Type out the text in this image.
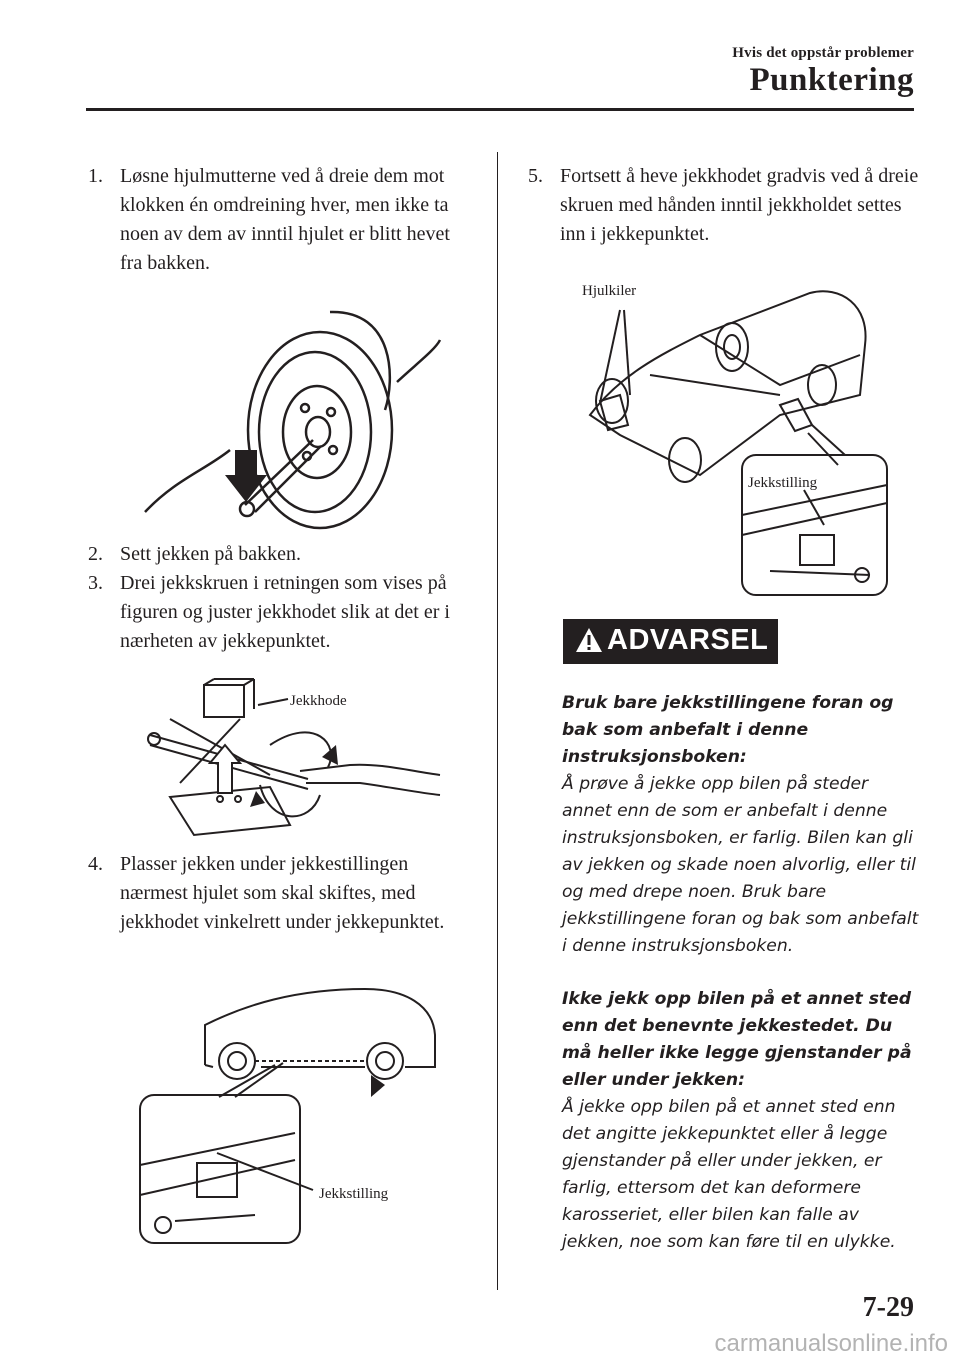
Hvis det oppstår problemer
Punktering
1. Løsne hjulmutterne ved å dreie dem mot klokken én omdreining hver, men ikke ta noen av dem av inntil hjulet er blitt hevet fra bakken.
2. Sett jekken på bakken.
3. Drei jekkskruen i retningen som vises på figuren og juster jekkhodet slik at det er i nærheten av jekkepunktet.
Jekkhode
4. Plasser jekken under jekkestillingen nærmest hjulet som skal skiftes, med jekkhodet vinkelrett under jekkepunktet.
Jekkstilling
5. Fortsett å heve jekkhodet gradvis ved å dreie skruen med hånden inntil jekkholdet settes inn i jekkepunktet.
Hjulkiler
Jekkstilling
ADVARSEL

Bruk bare jekkstillingene foran og bak som anbefalt i denne instruksjonsboken:
Å prøve å jekke opp bilen på steder annet enn de som er anbefalt i denne instruksjonsboken, er farlig. Bilen kan gli av jekken og skade noen alvorlig, eller til og med drepe noen. Bruk bare jekkstillingene foran og bak som anbefalt i denne instruksjonsboken.

Ikke jekk opp bilen på et annet sted enn det benevnte jekkestedet. Du må heller ikke legge gjenstander på eller under jekken:
Å jekke opp bilen på et annet sted enn det angitte jekkepunktet eller å legge gjenstander på eller under jekken, er farlig, ettersom det kan deformere karosseriet, eller bilen kan falle av jekken, noe som kan føre til en ulykke.

7-29
carmanualsonline.info
